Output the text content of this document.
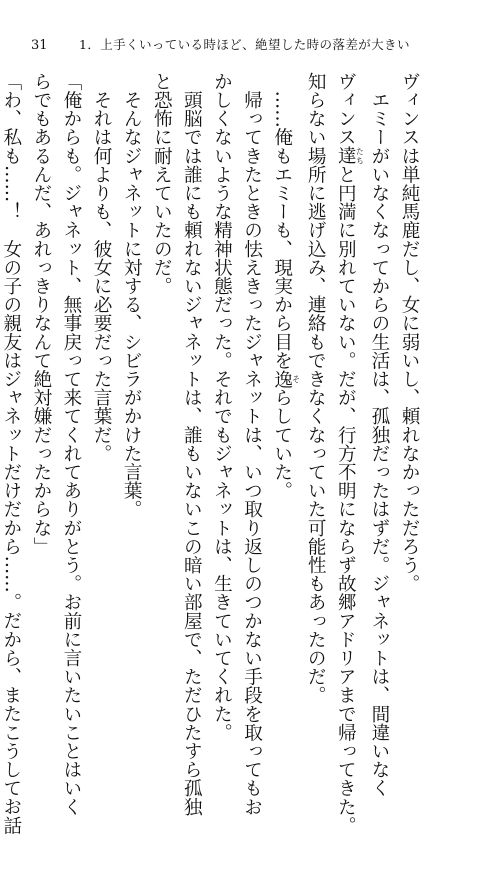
31	1．上手くいっている時ほど、絶望した時の落差が大きい
ヴィンスは単純馬鹿だし、女に弱いし、頼れなかっただろう。
　エミーがいなくなってからの生活は、孤独だったはずだ。ジャネットは、間違いなく
ヴィンス達 たちと円満に別れていない。だが、行方不明にならず故郷アドリアまで帰ってきた。
知らない場所に逃げ込み、連絡もできなくなっていた可能性もあったのだ。
　……俺もエミーも、現実から目を逸 そらしていた。
　帰ってきたときの怯えきったジャネットは、いつ取り返しのつかない手段を取ってもお
かしくないような精神状態だった。それでもジャネットは、生きていてくれた。
　頭脳では誰にも頼れないジャネットは、誰もいないこの暗い部屋で、ただひたすら孤独
と恐怖に耐えていたのだ。
　そんなジャネットに対する、シビラがかけた言葉。
　それは何よりも、彼女に必要だった言葉だ。
「俺からも。ジャネット、無事戻って来てくれてありがとう。お前に言いたいことはいく
らでもあるんだ、あれっきりなんて絶対嫌だったからな」
「わ、私も……！　女の子の親友はジャネットだけだから……。だから、またこうしてお話
